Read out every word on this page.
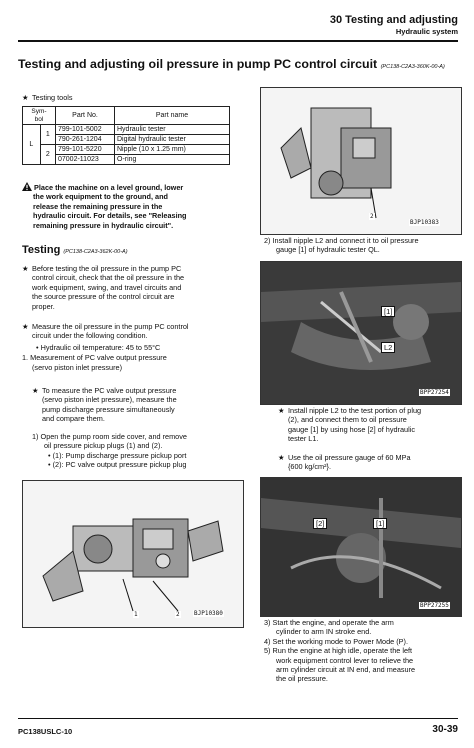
30 Testing and adjusting
Hydraulic system
Testing and adjusting oil pressure in pump PC control circuit (PC138-C2A3-360K-00-A)
★ Testing tools
Sym-
bol		Part No.	Part name
L	1	799-101-5002	Hydraulic tester
		790-261-1204	Digital hydraulic tester
	2	799-101-5220	Nipple (10 x 1.25 mm)
		07002-11023	O-ring
Place the machine on a level ground, lower
the work equipment to the ground, and
release the remaining pressure in the
hydraulic circuit. For details, see "Releasing
remaining pressure in hydraulic circuit".
Testing (PC138-C2A3-362K-00-A)
★ Before testing the oil pressure in the pump PC
control circuit, check that the oil pressure in the
work equipment, swing, and travel circuits and
the source pressure of the control circuit are
proper.
★ Measure the oil pressure in the pump PC control
circuit under the following condition.
• Hydraulic oil temperature: 45 to 55°C
1. Measurement of PC valve output pressure
(servo piston inlet pressure)
★ To measure the PC valve output pressure
(servo piston inlet pressure), measure the
pump discharge pressure simultaneously
and compare them.
1) Open the pump room side cover, and remove
oil pressure pickup plugs (1) and (2).
• (1): Pump discharge pressure pickup port
• (2): PC valve output pressure pickup plug
1	2 BJP10380
2
BJP10383
2) Install nipple L2 and connect it to oil pressure
gauge [1] of hydraulic tester QL.
[1]
L2
BPP27254
★ Install nipple L2 to the test portion of plug
(2), and connect them to oil pressure
gauge [1] by using hose [2] of hydraulic
tester L1.
★ Use the oil pressure gauge of 60 MPa
{600 kg/cm²}.
[2]	[1]
BPP27255
3) Start the engine, and operate the arm
cylinder to arm IN stroke end.
4) Set the working mode to Power Mode (P).
5) Run the engine at high idle, operate the left
work equipment control lever to relieve the
arm cylinder circuit at IN end, and measure
the oil pressure.
PC138USLC-10	30-39
